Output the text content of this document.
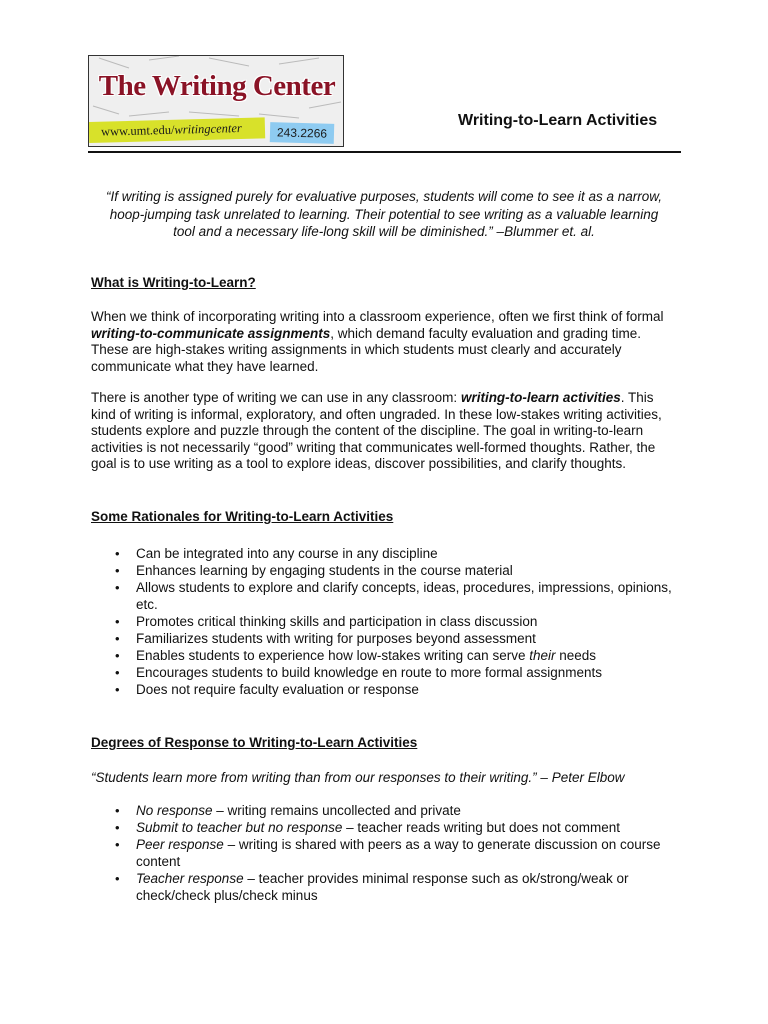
The Writing Center
www.umt.edu/writingcenter	243.2266
Writing-to-Learn Activities
“If writing is assigned purely for evaluative purposes, students will come to see it as a narrow, hoop-jumping task unrelated to learning. Their potential to see writing as a valuable learning tool and a necessary life-long skill will be diminished.” –Blummer et. al.
What is Writing-to-Learn?
When we think of incorporating writing into a classroom experience, often we first think of formal writing-to-communicate assignments, which demand faculty evaluation and grading time. These are high-stakes writing assignments in which students must clearly and accurately communicate what they have learned.
There is another type of writing we can use in any classroom: writing-to-learn activities. This kind of writing is informal, exploratory, and often ungraded. In these low-stakes writing activities, students explore and puzzle through the content of the discipline. The goal in writing-to-learn activities is not necessarily “good” writing that communicates well-formed thoughts. Rather, the goal is to use writing as a tool to explore ideas, discover possibilities, and clarify thoughts.
Some Rationales for Writing-to-Learn Activities
• Can be integrated into any course in any discipline
• Enhances learning by engaging students in the course material
• Allows students to explore and clarify concepts, ideas, procedures, impressions, opinions, etc.
• Promotes critical thinking skills and participation in class discussion
• Familiarizes students with writing for purposes beyond assessment
• Enables students to experience how low-stakes writing can serve their needs
• Encourages students to build knowledge en route to more formal assignments
• Does not require faculty evaluation or response
Degrees of Response to Writing-to-Learn Activities
“Students learn more from writing than from our responses to their writing.” – Peter Elbow
• No response – writing remains uncollected and private
• Submit to teacher but no response – teacher reads writing but does not comment
• Peer response – writing is shared with peers as a way to generate discussion on course content
• Teacher response – teacher provides minimal response such as ok/strong/weak or check/check plus/check minus
